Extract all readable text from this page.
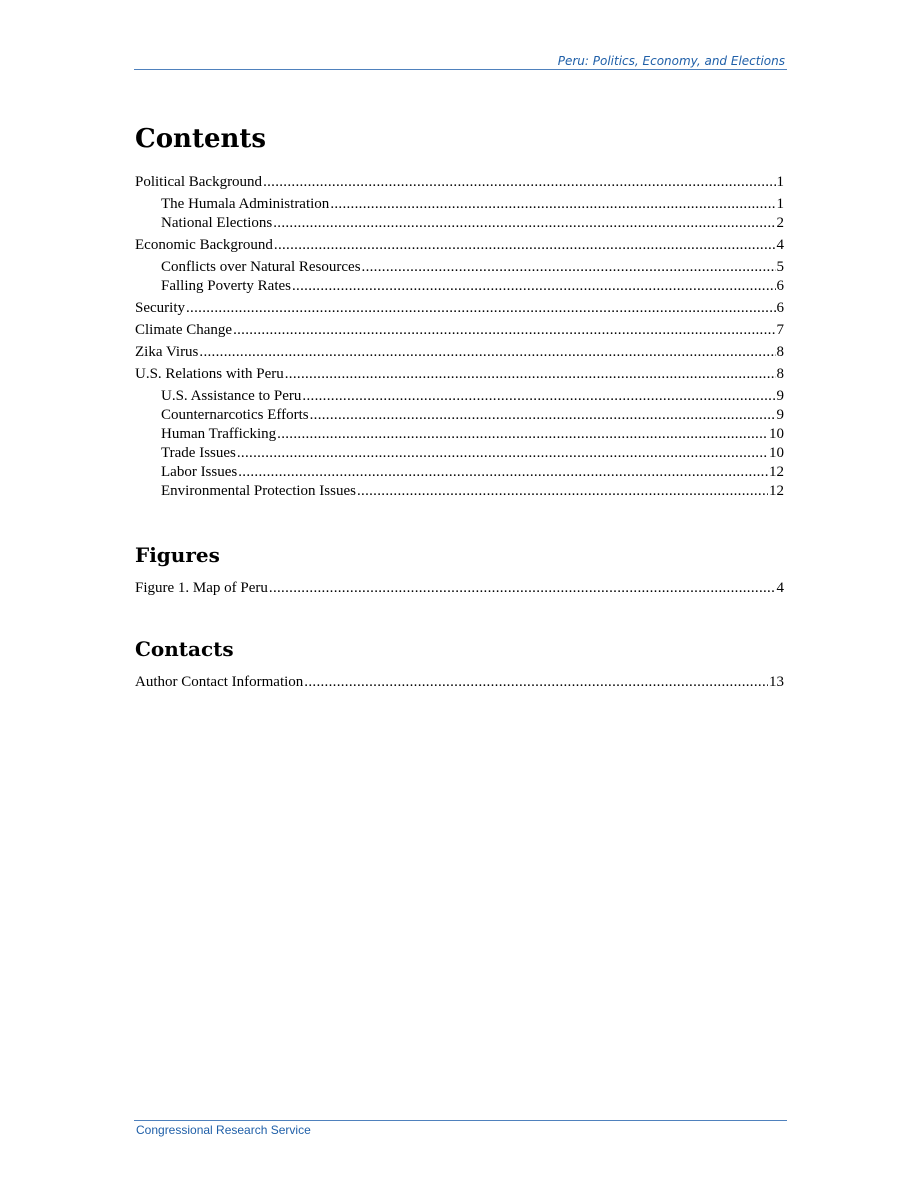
Peru: Politics, Economy, and Elections
Contents
Political Background .....	1
The Humala Administration .....	1
National Elections .....	2
Economic Background .....	4
Conflicts over Natural Resources .....	5
Falling Poverty Rates .....	6
Security .....	6
Climate Change .....	7
Zika Virus .....	8
U.S. Relations with Peru .....	8
U.S. Assistance to Peru .....	9
Counternarcotics Efforts .....	9
Human Trafficking .....	10
Trade Issues .....	10
Labor Issues .....	12
Environmental Protection Issues .....	12
Figures
Figure 1. Map of Peru .....	4
Contacts
Author Contact Information .....	13
Congressional Research Service
